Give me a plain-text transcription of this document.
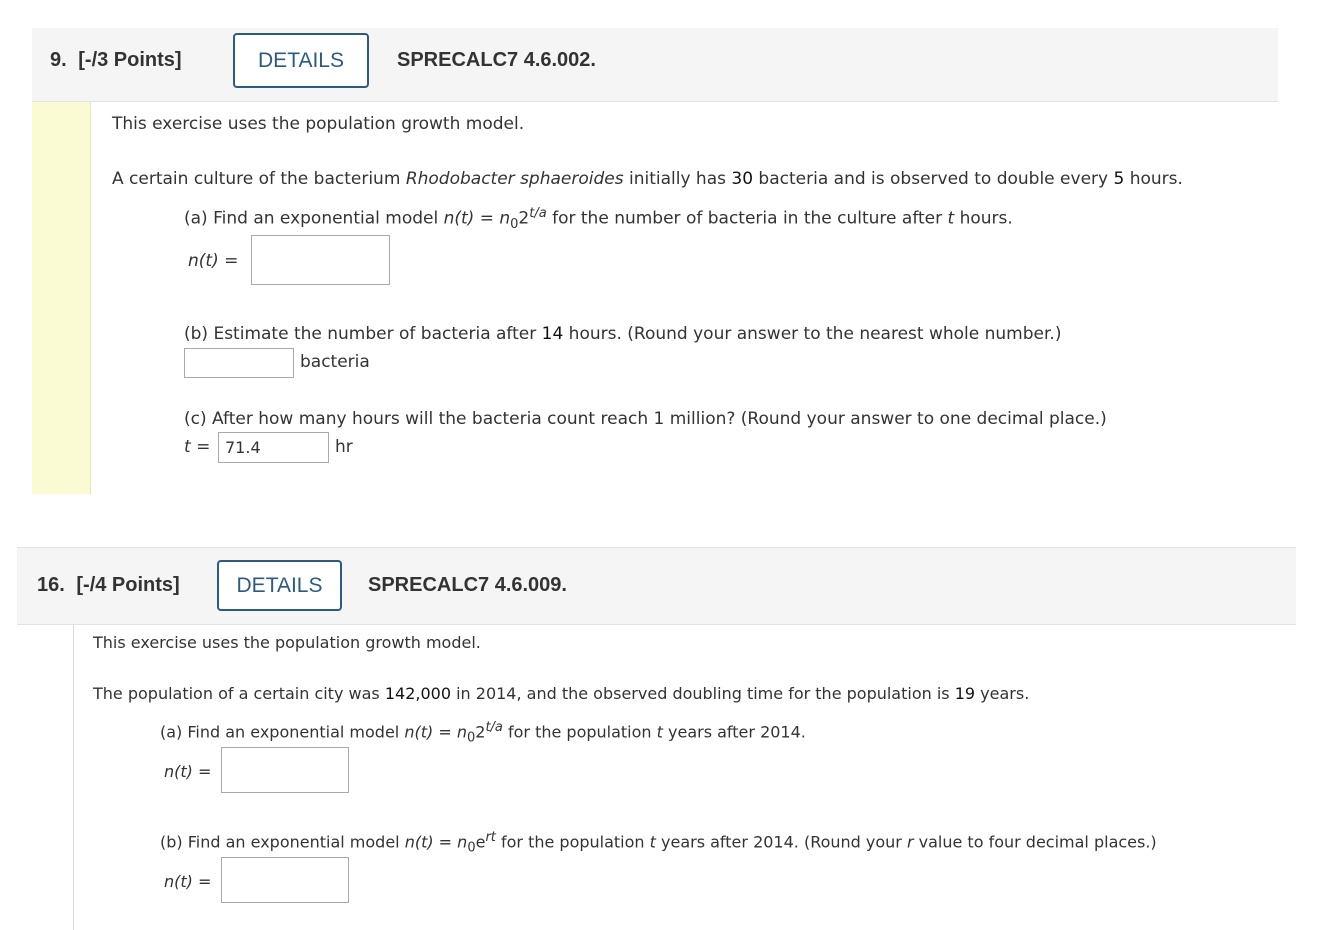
9. [-/3 Points]	DETAILS	SPRECALC7 4.6.002.
This exercise uses the population growth model.
A certain culture of the bacterium Rhodobacter sphaeroides initially has 30 bacteria and is observed to double every 5 hours.
(a) Find an exponential model $n(t) = n_02^{t/a}$ for the number of bacteria in the culture after t hours.
n(t) =
(b) Estimate the number of bacteria after 14 hours. (Round your answer to the nearest whole number.)
bacteria
(c) After how many hours will the bacteria count reach 1 million? (Round your answer to one decimal place.)
t =
71.4	hr
16. [-/4 Points]	DETAILS	SPRECALC7 4.6.009.
This exercise uses the population growth model.
The population of a certain city was 142,000 in 2014, and the observed doubling time for the population is 19 years.
(a) Find an exponential model $n(t) = n_02^{t/a}$ for the population t years after 2014.
n(t) =
(b) Find an exponential model $n(t) = n_0e^{rt}$ for the population t years after 2014. (Round your r value to four decimal places.)
n(t) =
